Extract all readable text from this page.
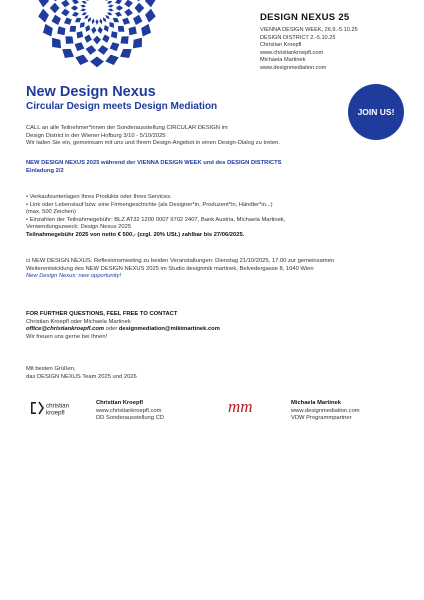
DESIGN NEXUS 25
VIENNA DESIGN WEEK, 26.9.-5.10.25
DESIGN DISTRICT 2.-5.10.25
Christian Kroepfl
www.christiankroepfl.com
Michaela Martinek
www.designmediation.com
New Design Nexus
Circular Design meets Design Mediation	JOIN US!
CALL an alle Teilnehmer*innen der Sonderausstellung CIRCULAR DESIGN im
Design District in der Wiener Hofburg 3/10 - 5/10/2025
Wir laden Sie ein, gemeinsam mit uns und Ihrem Design-Angebot in einen Design-Dialog zu treten.
NEW DESIGN NEXUS 2025 während der VIENNA DESIGN WEEK und des DESIGN DISTRICTS
Einladung 2/2
• Verkaufsunterlagen Ihres Produkts oder Ihres Services.
• Link oder Lebenslauf bzw. eine Firmengeschichte (als Designer*in, Produzent*in, Händler*in...)
(max. 500 Zeichen)
• Einzahlen der Teilnahmegebühr: BLZ AT32 1200 0007 9702 2407, Bank Austria, Michaela Martinek,
Verwendungszweck: Design Nexus 2025
Teilnahmegebühr 2025 von netto € 500,- (zzgl. 20% USt.) zahlbar bis 27/06/2025.
ci NEW DESIGN NEXUS: Reflexionsmeeting zu beiden Veranstaltungen: Dienstag 21/10/2025, 17.00 zur gemeinsamen
Weiterentwicklung des NEW DESIGN NEXUS 2025 im Studio designmik martinek, Belvedergasse 8, 1040 Wien
New Design Nexus: new opportunity!
FOR FURTHER QUESTIONS, FEEL FREE TO CONTACT
Christian Kroepfl oder Michaela Martinek
office@christiankroepfl.com oder designmediation@mikimartinek.com
Wir freuen uns gerne bei Ihnen!
Mit besten Grüßen,
das DESIGN NEXUS Team 2025 und 2026
christian
kroepfl
Christian Kroepfl
www.christiankroepfl.com
DD Sonderausstellung CD
mm	Michaela Martinek
www.designmediation.com
VDW Programmpartner
